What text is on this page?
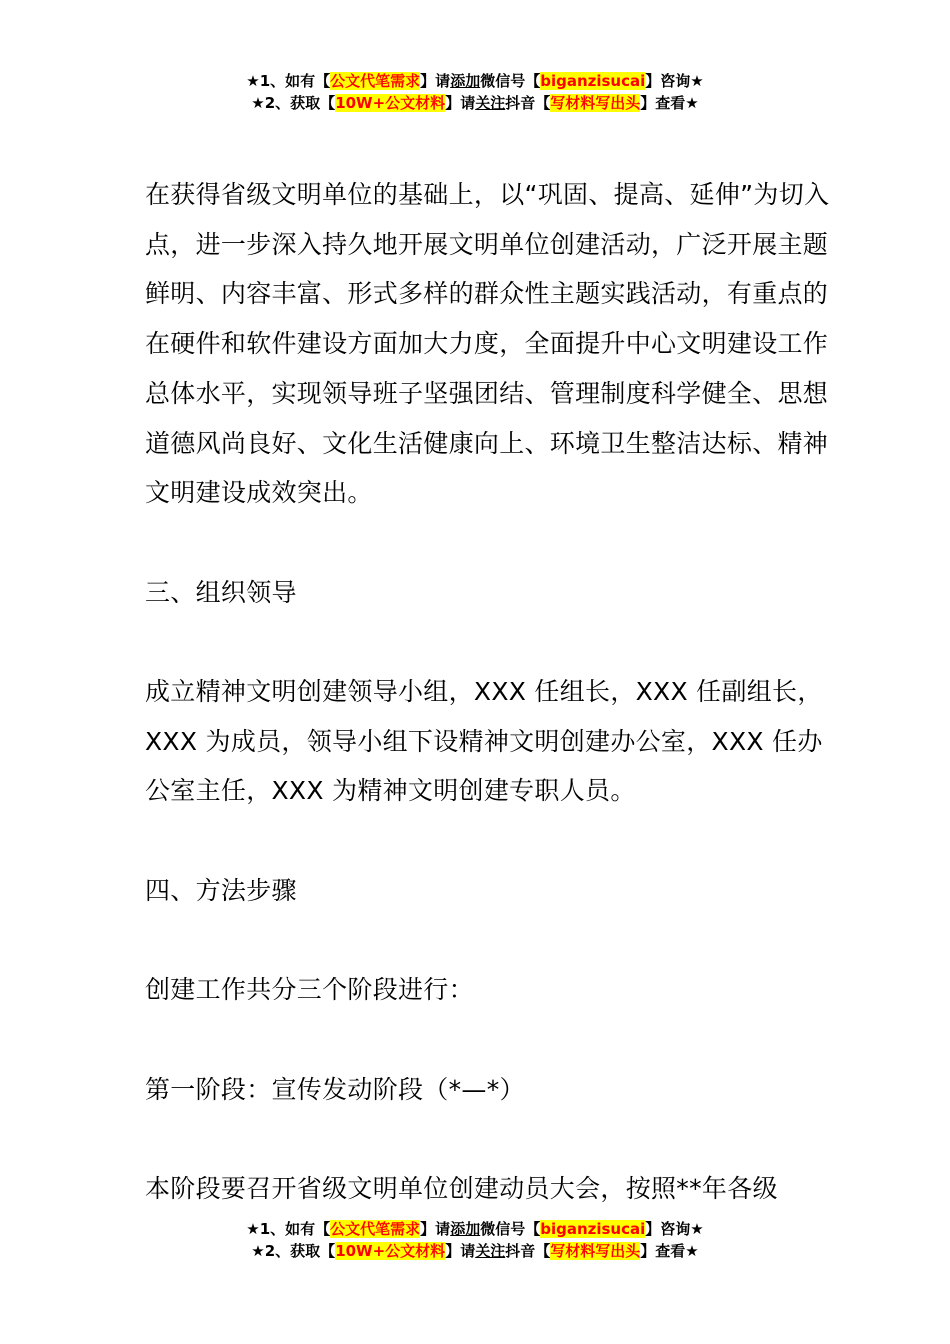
★1、如有【公文代笔需求】请添加微信号【biganzisucai】咨询★
★2、获取【10W+公文材料】请关注抖音【写材料写出头】查看★

在获得省级文明单位的基础上，以“巩固、提高、延伸”为切入点，进一步深入持久地开展文明单位创建活动，广泛开展主题鲜明、内容丰富、形式多样的群众性主题实践活动，有重点的在硬件和软件建设方面加大力度，全面提升中心文明建设工作总体水平，实现领导班子坚强团结、管理制度科学健全、思想道德风尚良好、文化生活健康向上、环境卫生整洁达标、精神文明建设成效突出。

三、组织领导

成立精神文明创建领导小组，XXX 任组长，XXX 任副组长，XXX 为成员，领导小组下设精神文明创建办公室，XXX 任办公室主任，XXX 为精神文明创建专职人员。

四、方法步骤

创建工作共分三个阶段进行：

第一阶段：宣传发动阶段（*—*）

本阶段要召开省级文明单位创建动员大会，按照**年各级

★1、如有【公文代笔需求】请添加微信号【biganzisucai】咨询★
★2、获取【10W+公文材料】请关注抖音【写材料写出头】查看★
